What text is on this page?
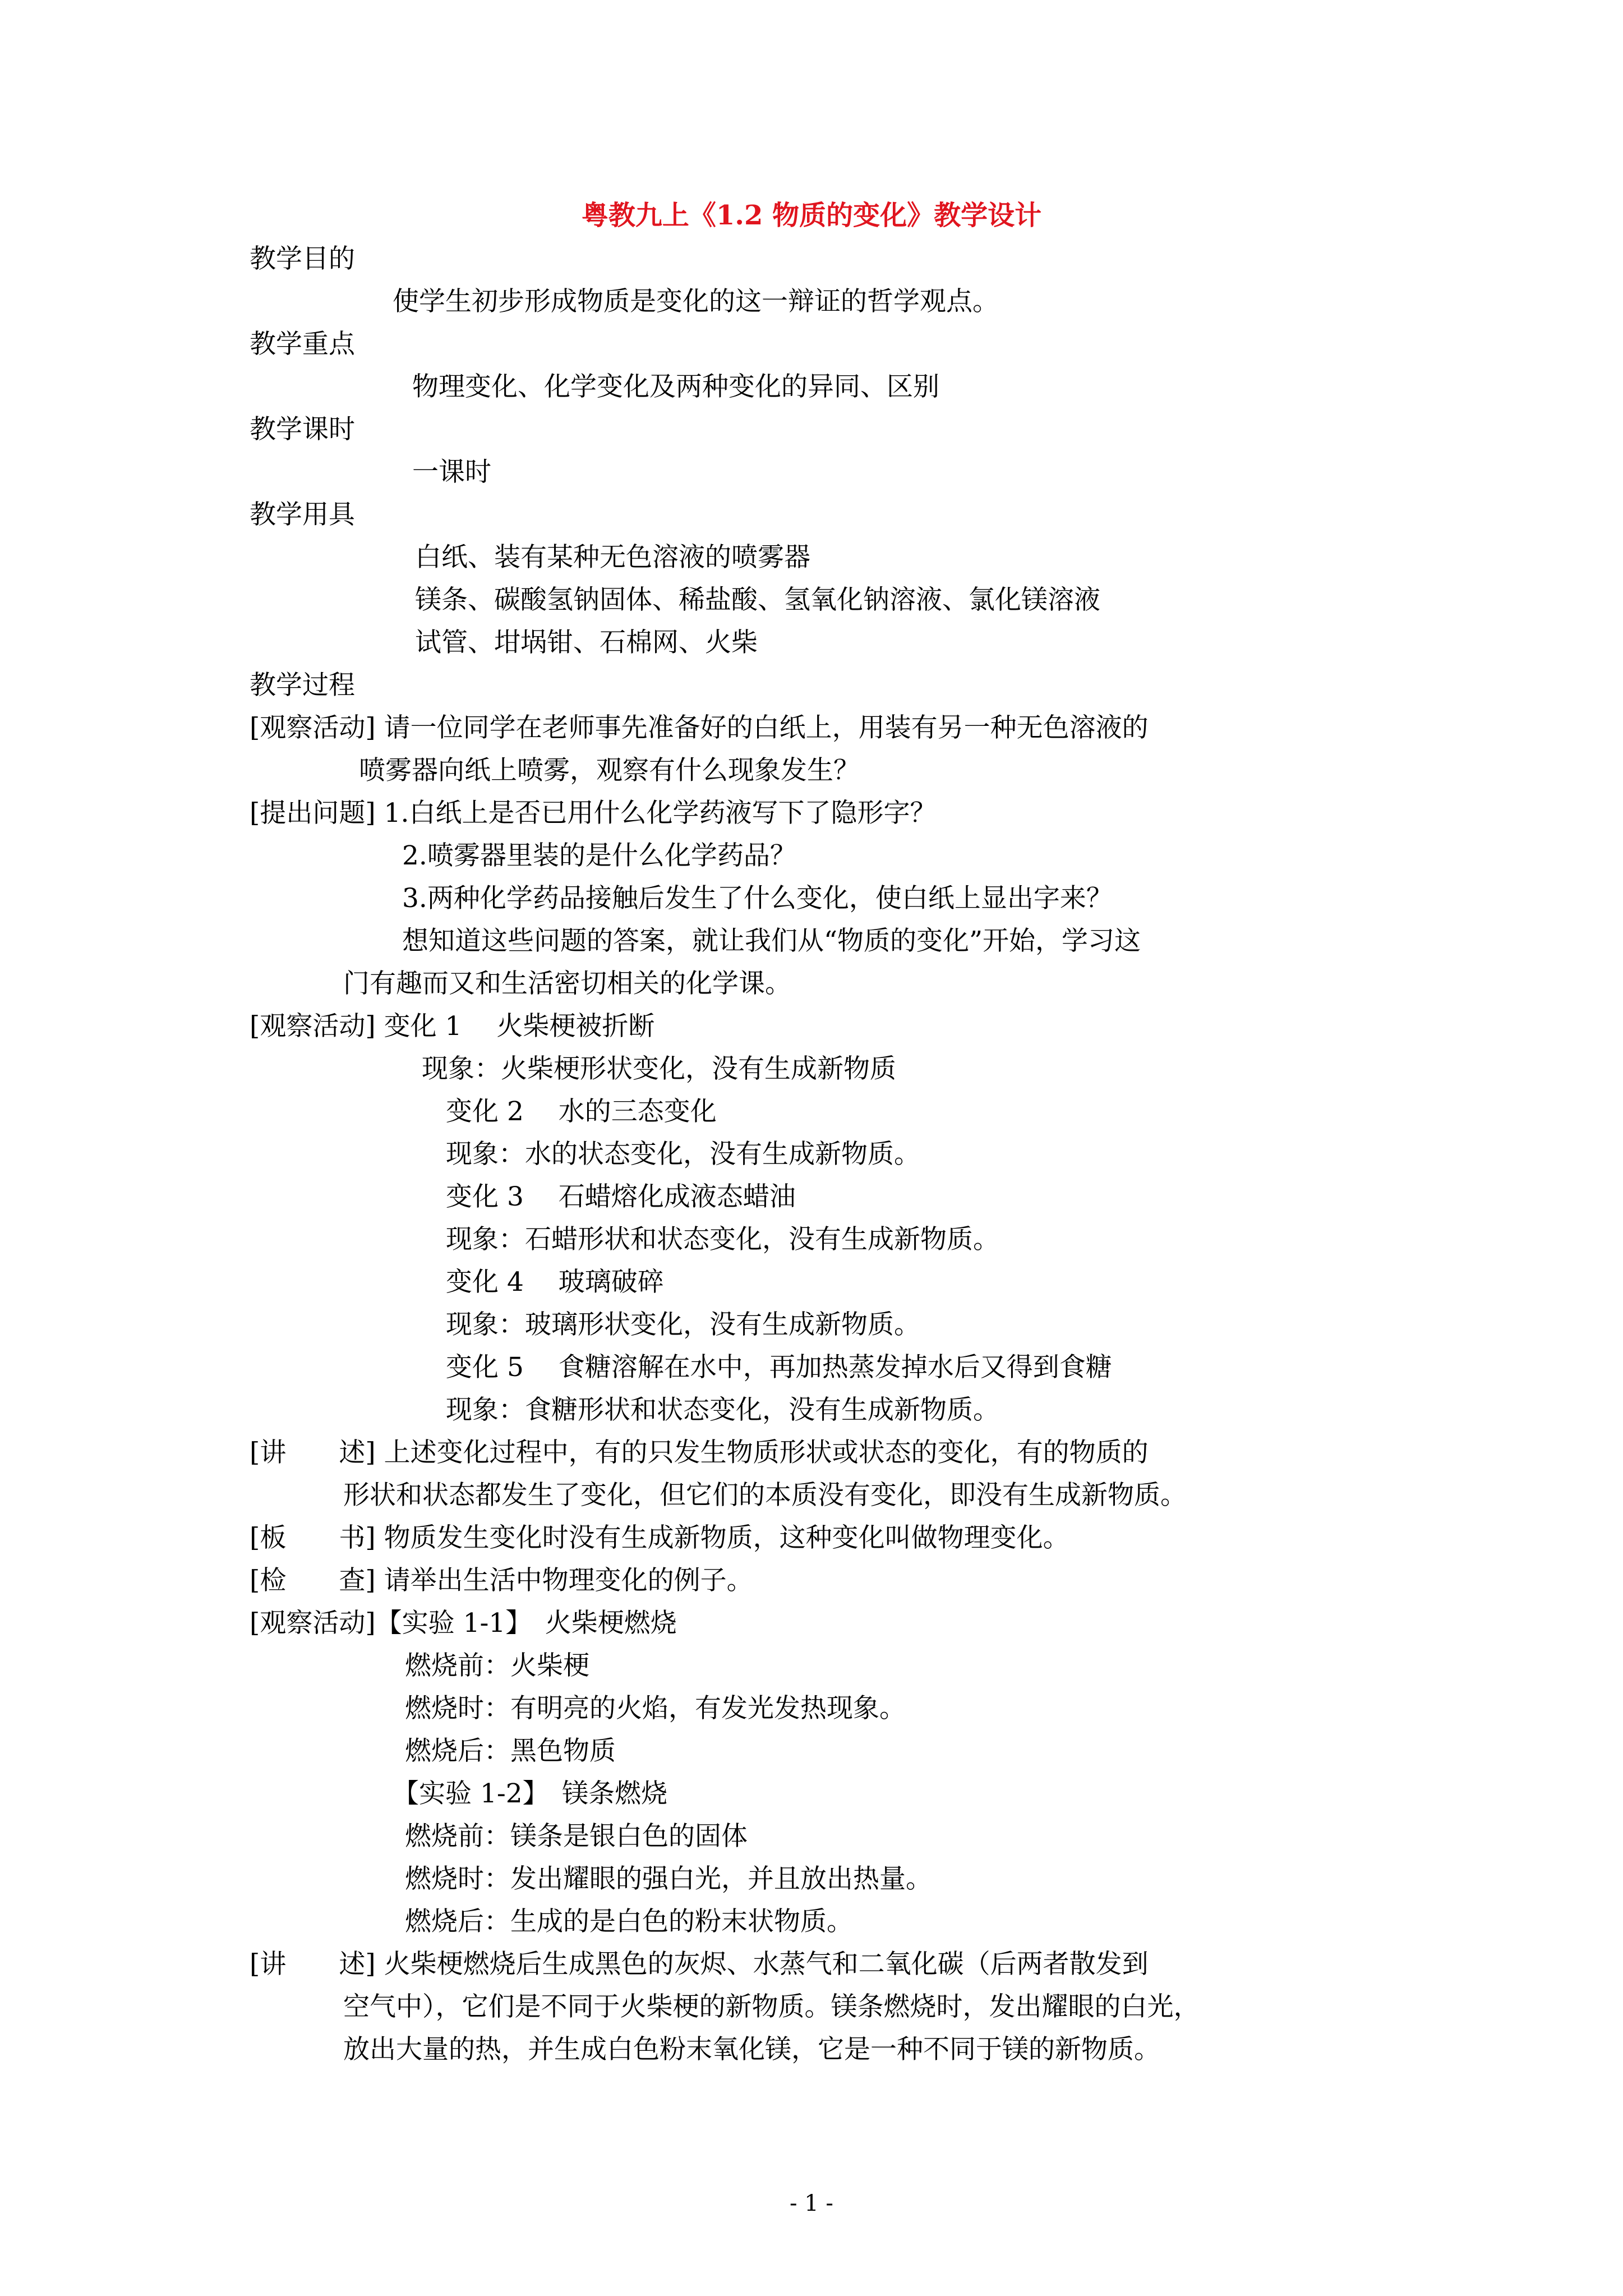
粤教九上《1.2 物质的变化》教学设计
教学目的
使学生初步形成物质是变化的这一辩证的哲学观点。
教学重点
物理变化、化学变化及两种变化的异同、区别
教学课时
一课时
教学用具
白纸、装有某种无色溶液的喷雾器
镁条、碳酸氢钠固体、稀盐酸、氢氧化钠溶液、氯化镁溶液
试管、坩埚钳、石棉网、火柴
教学过程
[观察活动] 请一位同学在老师事先准备好的白纸上，用装有另一种无色溶液的
喷雾器向纸上喷雾，观察有什么现象发生？
[提出问题] 1.白纸上是否已用什么化学药液写下了隐形字？
2.喷雾器里装的是什么化学药品？
3.两种化学药品接触后发生了什么变化，使白纸上显出字来？
想知道这些问题的答案，就让我们从“物质的变化”开始，学习这
门有趣而又和生活密切相关的化学课。
[观察活动] 变化 1　 火柴梗被折断
现象：火柴梗形状变化，没有生成新物质
变化 2　 水的三态变化
现象：水的状态变化，没有生成新物质。
变化 3　 石蜡熔化成液态蜡油
现象：石蜡形状和状态变化，没有生成新物质。
变化 4　 玻璃破碎
现象：玻璃形状变化，没有生成新物质。
变化 5　 食糖溶解在水中，再加热蒸发掉水后又得到食糖
现象：食糖形状和状态变化，没有生成新物质。
[讲　　述] 上述变化过程中，有的只发生物质形状或状态的变化，有的物质的
形状和状态都发生了变化，但它们的本质没有变化，即没有生成新物质。
[板　　书] 物质发生变化时没有生成新物质，这种变化叫做物理变化。
[检　　查] 请举出生活中物理变化的例子。
[观察活动]【实验 1-1】　火柴梗燃烧
燃烧前：火柴梗
燃烧时：有明亮的火焰，有发光发热现象。
燃烧后：黑色物质
【实验 1-2】　镁条燃烧
燃烧前：镁条是银白色的固体
燃烧时：发出耀眼的强白光，并且放出热量。
燃烧后：生成的是白色的粉末状物质。
[讲　　述] 火柴梗燃烧后生成黑色的灰烬、水蒸气和二氧化碳（后两者散发到
空气中），它们是不同于火柴梗的新物质。镁条燃烧时，发出耀眼的白光，
放出大量的热，并生成白色粉末氧化镁，它是一种不同于镁的新物质。
- 1 -
